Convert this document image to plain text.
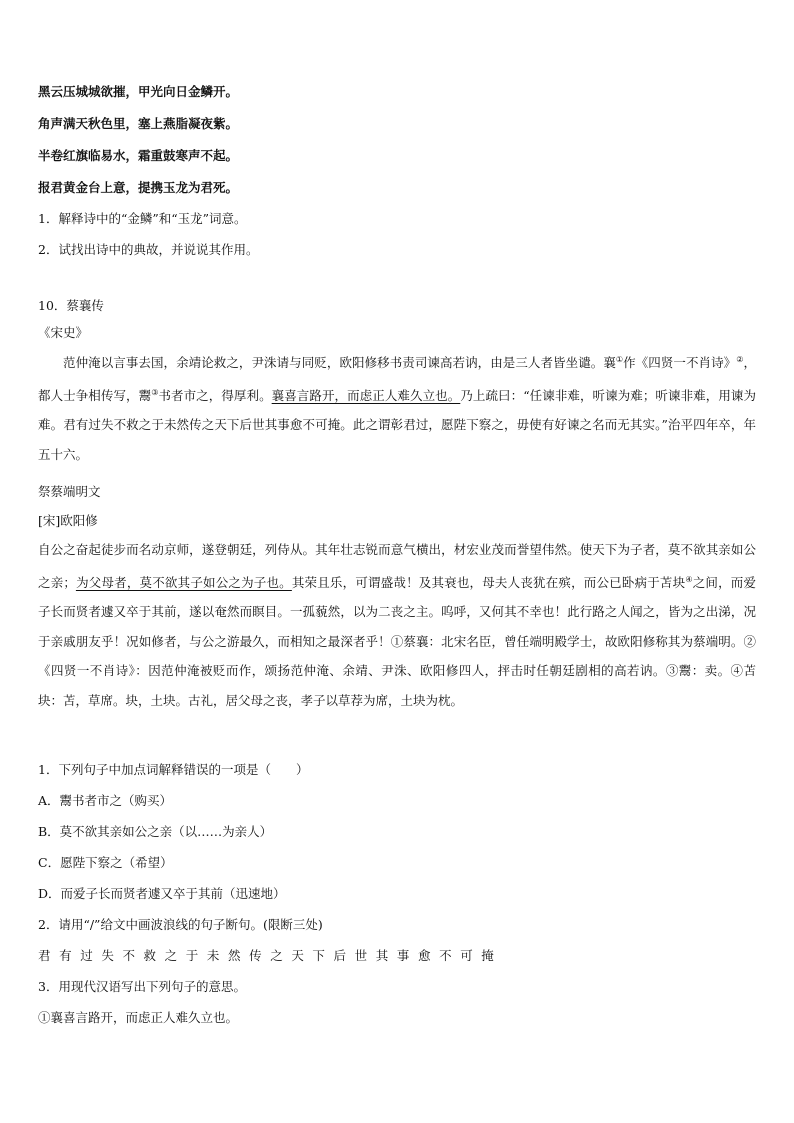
黑云压城城欲摧，甲光向日金鳞开。
角声满天秋色里，塞上燕脂凝夜紫。
半卷红旗临易水，霜重鼓寒声不起。
报君黄金台上意，提携玉龙为君死。
1．解释诗中的“金鳞”和“玉龙”词意。
2．试找出诗中的典故，并说说其作用。
10．蔡襄传
《宋史》
范仲淹以言事去国，余靖论救之，尹洙请与同贬，欧阳修移书责司谏高若讷，由是三人者皆坐谴。襄①作《四贤一不肖诗》②，都人士争相传写，鬻③书者市之，得厚利。襄喜言路开，而虑正人难久立也。乃上疏曰：“任谏非难，听谏为难；听谏非难，用谏为难。君有过失不救之于未然传之天下后世其事愈不可掩。此之谓彰君过，愿陛下察之，毋使有好谏之名而无其实。”治平四年卒，年五十六。
祭蔡端明文
[宋]欧阳修
自公之奋起徒步而名动京师，遂登朝廷，列侍从。其年壮志锐而意气横出，材宏业茂而誉望伟然。使天下为子者，莫不欲其亲如公之亲；为父母者，莫不欲其子如公之为子也。其荣且乐，可谓盛哉！及其衰也，母夫人丧犹在殡，而公已卧病于苫块④之间，而爱子长而贤者遽又卒于其前，遂以奄然而瞑目。一孤藐然，以为二丧之主。呜呼，又何其不幸也！此行路之人闻之，皆为之出涕，况于亲戚朋友乎！况如修者，与公之游最久，而相知之最深者乎！①蔡襄：北宋名臣，曾任端明殿学士，故欧阳修称其为蔡端明。②《四贤一不肖诗》：因范仲淹被贬而作，颂扬范仲淹、余靖、尹洙、欧阳修四人，抨击时任朝廷剧相的高若讷。③鬻：卖。④苫块：苫，草席。块，土块。古礼，居父母之丧，孝子以草荐为席，土块为枕。
1．下列句子中加点词解释错误的一项是（　　）
A．鬻书者市之（购买）
B．莫不欲其亲如公之亲（以……为亲人）
C．愿陛下察之（希望）
D．而爱子长而贤者遽又卒于其前（迅速地）
2．请用“/”给文中画波浪线的句子断句。(限断三处)
君 有 过 失 不 救 之 于 未 然 传 之 天 下 后 世 其 事 愈 不 可 掩
3．用现代汉语写出下列句子的意思。
①襄喜言路开，而虑正人难久立也。
